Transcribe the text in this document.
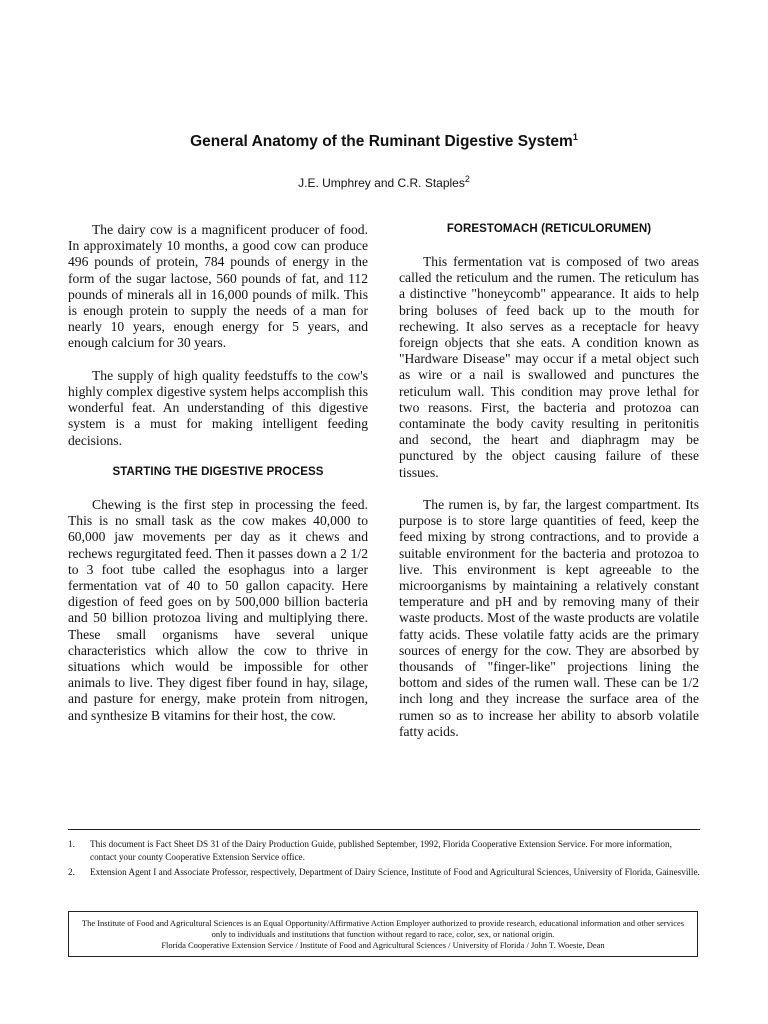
General Anatomy of the Ruminant Digestive System$^1$
J.E. Umphrey and C.R. Staples$^2$

The dairy cow is a magnificent producer of food. In approximately 10 months, a good cow can produce 496 pounds of protein, 784 pounds of energy in the form of the sugar lactose, 560 pounds of fat, and 112 pounds of minerals all in 16,000 pounds of milk. This is enough protein to supply the needs of a man for nearly 10 years, enough energy for 5 years, and enough calcium for 30 years.

The supply of high quality feedstuffs to the cow's highly complex digestive system helps accomplish this wonderful feat. An understanding of this digestive system is a must for making intelligent feeding decisions.

STARTING THE DIGESTIVE PROCESS

Chewing is the first step in processing the feed. This is no small task as the cow makes 40,000 to 60,000 jaw movements per day as it chews and rechews regurgitated feed. Then it passes down a 2 1/2 to 3 foot tube called the esophagus into a larger fermentation vat of 40 to 50 gallon capacity. Here digestion of feed goes on by 500,000 billion bacteria and 50 billion protozoa living and multiplying there. These small organisms have several unique characteristics which allow the cow to thrive in situations which would be impossible for other animals to live. They digest fiber found in hay, silage, and pasture for energy, make protein from nitrogen, and synthesize B vitamins for their host, the cow.

FORESTOMACH (RETICULORUMEN)

This fermentation vat is composed of two areas called the reticulum and the rumen. The reticulum has a distinctive "honeycomb" appearance. It aids to help bring boluses of feed back up to the mouth for rechewing. It also serves as a receptacle for heavy foreign objects that she eats. A condition known as "Hardware Disease" may occur if a metal object such as wire or a nail is swallowed and punctures the reticulum wall. This condition may prove lethal for two reasons. First, the bacteria and protozoa can contaminate the body cavity resulting in peritonitis and second, the heart and diaphragm may be punctured by the object causing failure of these tissues.

The rumen is, by far, the largest compartment. Its purpose is to store large quantities of feed, keep the feed mixing by strong contractions, and to provide a suitable environment for the bacteria and protozoa to live. This environment is kept agreeable to the microorganisms by maintaining a relatively constant temperature and pH and by removing many of their waste products. Most of the waste products are volatile fatty acids. These volatile fatty acids are the primary sources of energy for the cow. They are absorbed by thousands of "finger-like" projections lining the bottom and sides of the rumen wall. These can be 1/2 inch long and they increase the surface area of the rumen so as to increase her ability to absorb volatile fatty acids.

1.	This document is Fact Sheet DS 31 of the Dairy Production Guide, published September, 1992, Florida Cooperative Extension Service. For more information, contact your county Cooperative Extension Service office.
2.	Extension Agent I and Associate Professor, respectively, Department of Dairy Science, Institute of Food and Agricultural Sciences, University of Florida, Gainesville.
The Institute of Food and Agricultural Sciences is an Equal Opportunity/Affirmative Action Employer authorized to provide research, educational information and other services only to individuals and institutions that function without regard to race, color, sex, or national origin.
Florida Cooperative Extension Service / Institute of Food and Agricultural Sciences / University of Florida / John T. Woeste, Dean
